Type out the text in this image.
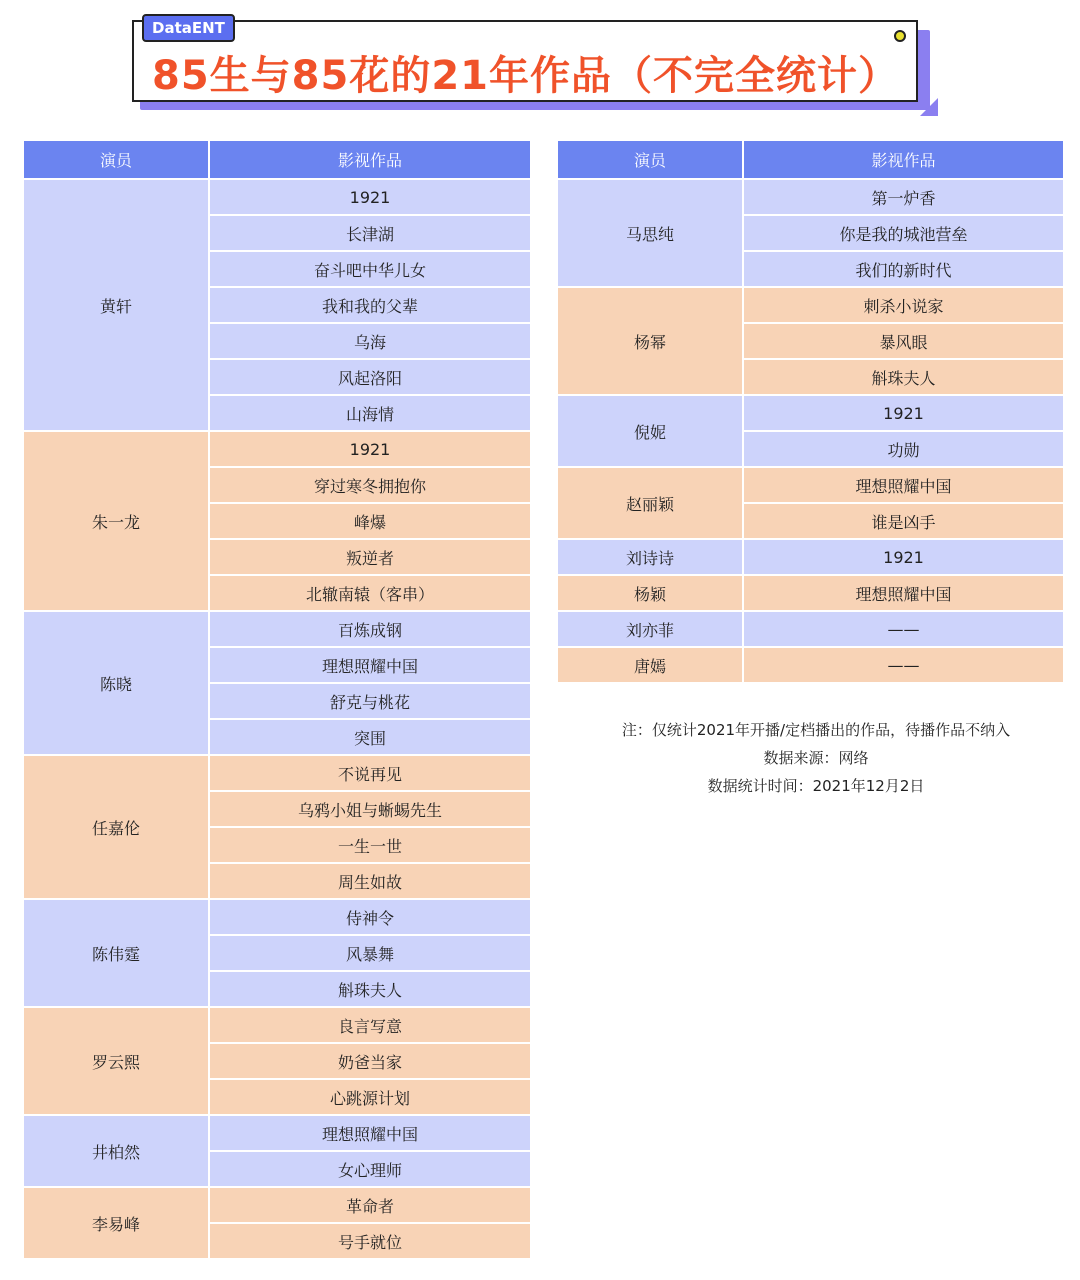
85生与85花的21年作品（不完全统计）
DataENT
演员	影视作品
黄轩	1921
	长津湖
	奋斗吧中华儿女
	我和我的父辈
	乌海
	风起洛阳
	山海情
朱一龙	1921
	穿过寒冬拥抱你
	峰爆
	叛逆者
	北辙南辕（客串）
陈晓	百炼成钢
	理想照耀中国
	舒克与桃花
	突围
任嘉伦	不说再见
	乌鸦小姐与蜥蜴先生
	一生一世
	周生如故
陈伟霆	侍神令
	风暴舞
	斛珠夫人
罗云熙	良言写意
	奶爸当家
	心跳源计划
井柏然	理想照耀中国
	女心理师
李易峰	革命者
	号手就位
演员	影视作品
马思纯	第一炉香
	你是我的城池营垒
	我们的新时代
杨幂	刺杀小说家
	暴风眼
	斛珠夫人
倪妮	1921
	功勋
赵丽颖	理想照耀中国
	谁是凶手
刘诗诗	1921
杨颖	理想照耀中国
刘亦菲	——
唐嫣	——
注：仅统计2021年开播/定档播出的作品，待播作品不纳入
数据来源：网络
数据统计时间：2021年12月2日
